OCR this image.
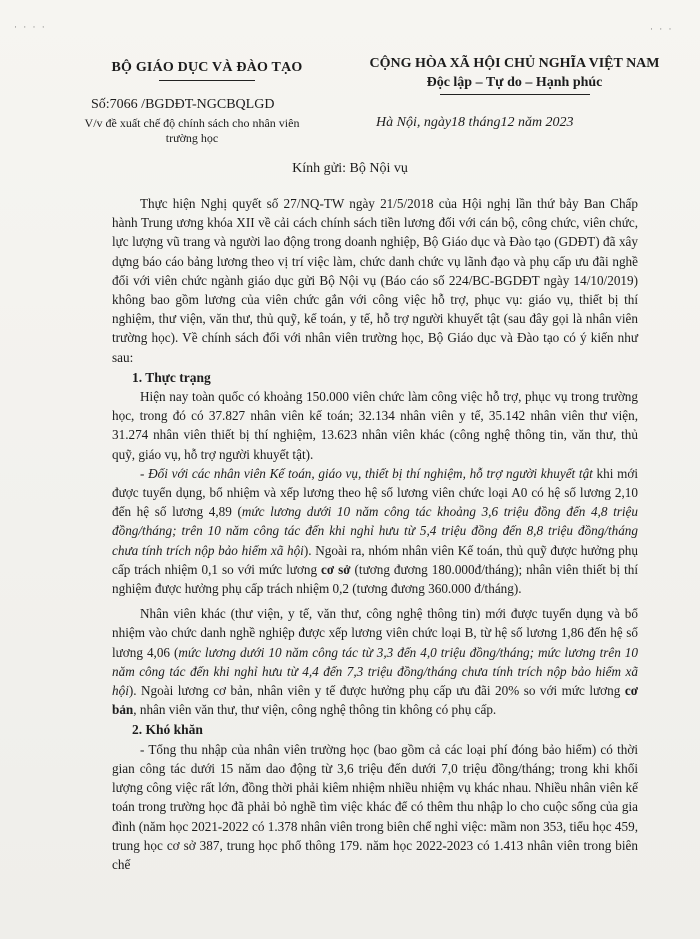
· · · ·	· · ·
BỘ GIÁO DỤC VÀ ĐÀO TẠO	CỘNG HÒA XÃ HỘI CHỦ NGHĨA VIỆT NAM
Độc lập – Tự do – Hạnh phúc
Số:7066 /BGDĐT-NGCBQLGD
V/v đề xuất chế độ chính sách cho nhân viên trường học
Hà Nội, ngày18 tháng12 năm 2023
Kính gửi: Bộ Nội vụ

Thực hiện Nghị quyết số 27/NQ-TW ngày 21/5/2018 của Hội nghị lần thứ bảy Ban Chấp hành Trung ương khóa XII về cải cách chính sách tiền lương đối với cán bộ, công chức, viên chức, lực lượng vũ trang và người lao động trong doanh nghiệp, Bộ Giáo dục và Đào tạo (GDĐT) đã xây dựng báo cáo bảng lương theo vị trí việc làm, chức danh chức vụ lãnh đạo và phụ cấp ưu đãi nghề đối với viên chức ngành giáo dục gửi Bộ Nội vụ (Báo cáo số 224/BC-BGDĐT ngày 14/10/2019) không bao gồm lương của viên chức gắn với công việc hỗ trợ, phục vụ: giáo vụ, thiết bị thí nghiệm, thư viện, văn thư, thủ quỹ, kế toán, y tế, hỗ trợ người khuyết tật (sau đây gọi là nhân viên trường học). Về chính sách đối với nhân viên trường học, Bộ Giáo dục và Đào tạo có ý kiến như sau:

1. Thực trạng

Hiện nay toàn quốc có khoảng 150.000 viên chức làm công việc hỗ trợ, phục vụ trong trường học, trong đó có 37.827 nhân viên kế toán; 32.134 nhân viên y tế, 35.142 nhân viên thư viện, 31.274 nhân viên thiết bị thí nghiệm, 13.623 nhân viên khác (công nghệ thông tin, văn thư, thủ quỹ, giáo vụ, hỗ trợ người khuyết tật).

- Đối với các nhân viên Kế toán, giáo vụ, thiết bị thí nghiệm, hỗ trợ người khuyết tật khi mới được tuyển dụng, bổ nhiệm và xếp lương theo hệ số lương viên chức loại A0 có hệ số lương 2,10 đến hệ số lương 4,89 (mức lương dưới 10 năm công tác khoảng 3,6 triệu đồng đến 4,8 triệu đồng/tháng; trên 10 năm công tác đến khi nghỉ hưu từ 5,4 triệu đồng đến 8,8 triệu đồng/tháng chưa tính trích nộp bảo hiểm xã hội). Ngoài ra, nhóm nhân viên Kế toán, thủ quỹ được hưởng phụ cấp trách nhiệm 0,1 so với mức lương cơ sở (tương đương 180.000đ/tháng); nhân viên thiết bị thí nghiệm được hưởng phụ cấp trách nhiệm 0,2 (tương đương 360.000 đ/tháng).

Nhân viên khác (thư viện, y tế, văn thư, công nghệ thông tin) mới được tuyển dụng và bổ nhiệm vào chức danh nghề nghiệp được xếp lương viên chức loại B, từ hệ số lương 1,86 đến hệ số lương 4,06 (mức lương dưới 10 năm công tác từ 3,3 đến 4,0 triệu đồng/tháng; mức lương trên 10 năm công tác đến khi nghỉ hưu từ 4,4 đến 7,3 triệu đồng/tháng chưa tính trích nộp bảo hiểm xã hội). Ngoài lương cơ bản, nhân viên y tế được hưởng phụ cấp ưu đãi 20% so với mức lương cơ bản, nhân viên văn thư, thư viện, công nghệ thông tin không có phụ cấp.

2. Khó khăn

- Tổng thu nhập của nhân viên trường học (bao gồm cả các loại phí đóng bảo hiểm) có thời gian công tác dưới 15 năm dao động từ 3,6 triệu đến dưới 7,0 triệu đồng/tháng; trong khi khối lượng công việc rất lớn, đồng thời phải kiêm nhiệm nhiều nhiệm vụ khác nhau. Nhiều nhân viên kế toán trong trường học đã phải bỏ nghề tìm việc khác để có thêm thu nhập lo cho cuộc sống của gia đình (năm học 2021-2022 có 1.378 nhân viên trong biên chế nghỉ việc: mầm non 353, tiểu học 459, trung học cơ sở 387, trung học phổ thông 179. năm học 2022-2023 có 1.413 nhân viên trong biên chế
